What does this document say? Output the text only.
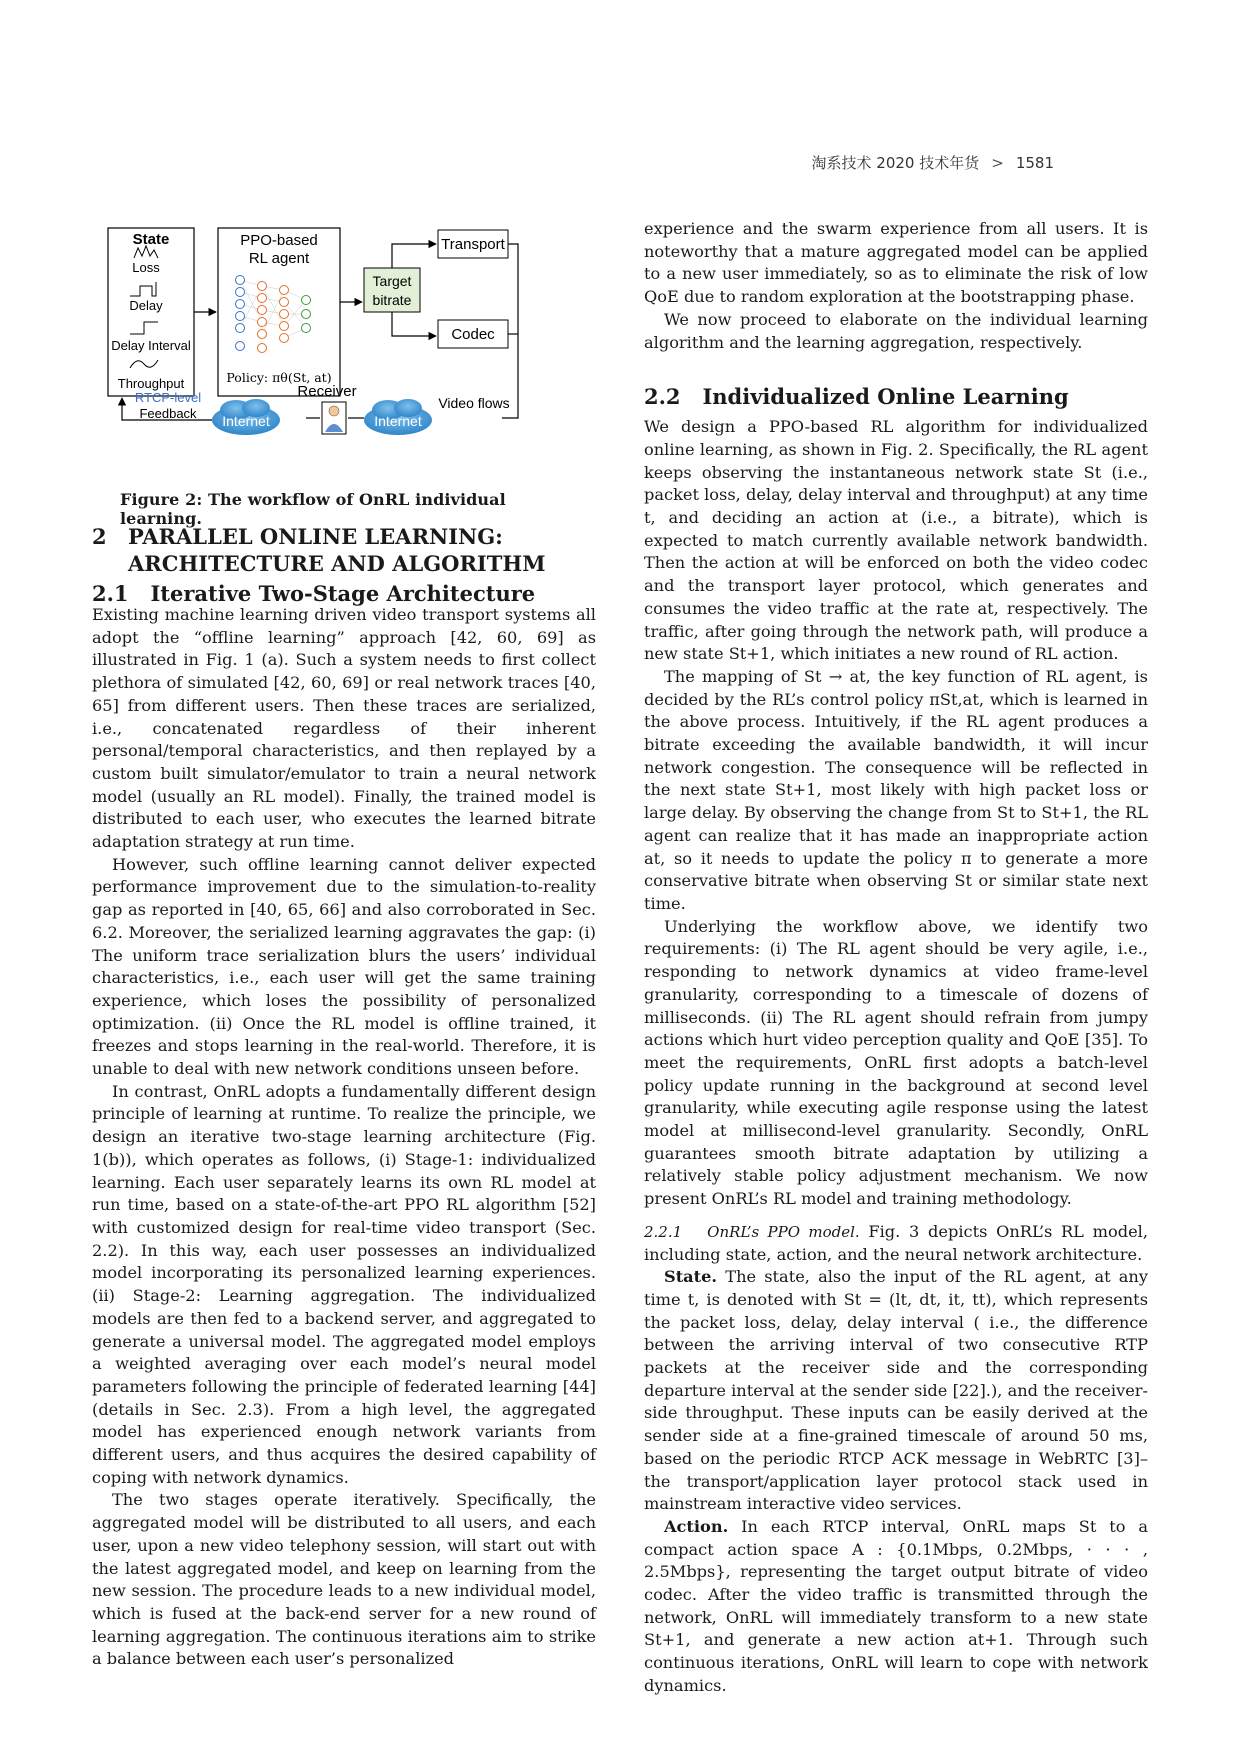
淘系技术 2020 技术年货 > 1581
State
Loss
Delay
Delay Interval
Throughput
PPO-based
RL agent
Policy: πθ(St, at)
Target
bitrate
Transport
Codec
Video flows
Internet
Receiver
Internet
RTCP-level
Feedback
Figure 2: The workflow of OnRL individual learning.
2 PARALLEL ONLINE LEARNING:
ARCHITECTURE AND ALGORITHM
2.1   Iterative Two-Stage Architecture

Existing machine learning driven video transport systems all adopt the “offline learning” approach [42, 60, 69] as illustrated in Fig. 1 (a). Such a system needs to first collect plethora of simulated [42, 60, 69] or real network traces [40, 65] from different users. Then these traces are serialized, i.e., concatenated regardless of their inherent personal/temporal characteristics, and then replayed by a custom built simulator/emulator to train a neural network model (usually an RL model). Finally, the trained model is distributed to each user, who executes the learned bitrate adaptation strategy at run time.

However, such offline learning cannot deliver expected performance improvement due to the simulation-to-reality gap as reported in [40, 65, 66] and also corroborated in Sec. 6.2. Moreover, the serialized learning aggravates the gap: (i) The uniform trace serialization blurs the users’ individual characteristics, i.e., each user will get the same training experience, which loses the possibility of personalized optimization. (ii) Once the RL model is offline trained, it freezes and stops learning in the real-world. Therefore, it is unable to deal with new network conditions unseen before.

In contrast, OnRL adopts a fundamentally different design principle of learning at runtime. To realize the principle, we design an iterative two-stage learning architecture (Fig. 1(b)), which operates as follows, (i) Stage-1: individualized learning. Each user separately learns its own RL model at run time, based on a state-of-the-art PPO RL algorithm [52] with customized design for real-time video transport (Sec. 2.2). In this way, each user possesses an individualized model incorporating its personalized learning experiences. (ii) Stage-2: Learning aggregation. The individualized models are then fed to a backend server, and aggregated to generate a universal model. The aggregated model employs a weighted averaging over each model’s neural model parameters following the principle of federated learning [44] (details in Sec. 2.3). From a high level, the aggregated model has experienced enough network variants from different users, and thus acquires the desired capability of coping with network dynamics.

The two stages operate iteratively. Specifically, the aggregated model will be distributed to all users, and each user, upon a new video telephony session, will start out with the latest aggregated model, and keep on learning from the new session. The procedure leads to a new individual model, which is fused at the back-end server for a new round of learning aggregation. The continuous iterations aim to strike a balance between each user’s personalized

experience and the swarm experience from all users. It is noteworthy that a mature aggregated model can be applied to a new user immediately, so as to eliminate the risk of low QoE due to random exploration at the bootstrapping phase.

We now proceed to elaborate on the individual learning algorithm and the learning aggregation, respectively.

We design a PPO-based RL algorithm for individualized online learning, as shown in Fig. 2. Specifically, the RL agent keeps observing the instantaneous network state St (i.e., packet loss, delay, delay interval and throughput) at any time t, and deciding an action at (i.e., a bitrate), which is expected to match currently available network bandwidth. Then the action at will be enforced on both the video codec and the transport layer protocol, which generates and consumes the video traffic at the rate at, respectively. The traffic, after going through the network path, will produce a new state St+1, which initiates a new round of RL action.

The mapping of St → at, the key function of RL agent, is decided by the RL’s control policy πSt,at, which is learned in the above process. Intuitively, if the RL agent produces a bitrate exceeding the available bandwidth, it will incur network congestion. The consequence will be reflected in the next state St+1, most likely with high packet loss or large delay. By observing the change from St to St+1, the RL agent can realize that it has made an inappropriate action at, so it needs to update the policy π to generate a more conservative bitrate when observing St or similar state next time.

Underlying the workflow above, we identify two requirements: (i) The RL agent should be very agile, i.e., responding to network dynamics at video frame-level granularity, corresponding to a timescale of dozens of milliseconds. (ii) The RL agent should refrain from jumpy actions which hurt video perception quality and QoE [35]. To meet the requirements, OnRL first adopts a batch-level policy update running in the background at second level granularity, while executing agile response using the latest model at millisecond-level granularity. Secondly, OnRL guarantees smooth bitrate adaptation by utilizing a relatively stable policy adjustment mechanism. We now present OnRL’s RL model and training methodology.

2.2.1   OnRL’s PPO model. Fig. 3 depicts OnRL’s RL model, including state, action, and the neural network architecture.

State. The state, also the input of the RL agent, at any time t, is denoted with St = (lt, dt, it, tt), which represents the packet loss, delay, delay interval ( i.e., the difference between the arriving interval of two consecutive RTP packets at the receiver side and the corresponding departure interval at the sender side [22].), and the receiver-side throughput. These inputs can be easily derived at the sender side at a fine-grained timescale of around 50 ms, based on the periodic RTCP ACK message in WebRTC [3]– the transport/application layer protocol stack used in mainstream interactive video services.

Action. In each RTCP interval, OnRL maps St to a compact action space A : {0.1Mbps, 0.2Mbps, · · · , 2.5Mbps}, representing the target output bitrate of video codec. After the video traffic is transmitted through the network, OnRL will immediately transform to a new state St+1, and generate a new action at+1. Through such continuous iterations, OnRL will learn to cope with network dynamics.

2.2   Individualized Online Learning
